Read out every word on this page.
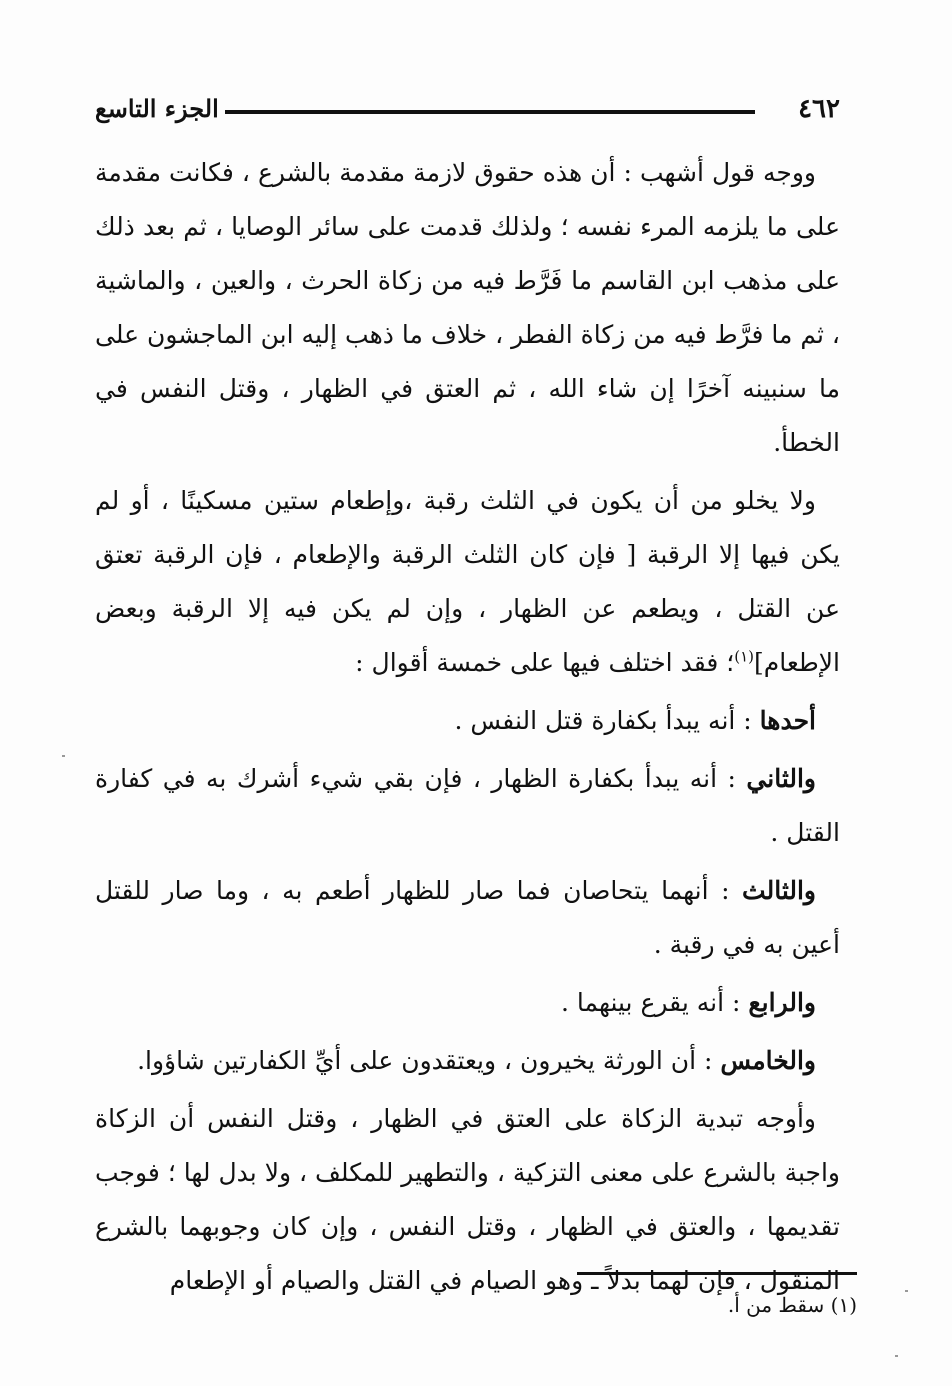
٤٦٢
الجزء التاسع

ووجه قول أشهب : أن هذه حقوق لازمة مقدمة بالشرع ، فكانت مقدمة على ما يلزمه المرء نفسه ؛ ولذلك قدمت على سائر الوصايا ، ثم بعد ذلك على مذهب ابن القاسم ما فَرَّط فيه من زكاة الحرث ، والعين ، والماشية ، ثم ما فرَّط فيه من زكاة الفطر ، خلاف ما ذهب إليه ابن الماجشون على ما سنبينه آخرًا إن شاء الله ، ثم العتق في الظهار ، وقتل النفس في الخطأ.

ولا يخلو من أن يكون في الثلث رقبة ،وإطعام ستين مسكينًا ، أو لم يكن فيها إلا الرقبة [ فإن كان الثلث الرقبة والإطعام ، فإن الرقبة تعتق عن القتل ، ويطعم عن الظهار ، وإن لم يكن فيه إلا الرقبة وبعض الإطعام]$^{(١)}$؛ فقد اختلف فيها على خمسة أقوال :

أحدها : أنه يبدأ بكفارة قتل النفس .

والثاني : أنه يبدأ بكفارة الظهار ، فإن بقي شيء أشرك به في كفارة القتل .

والثالث : أنهما يتحاصان فما صار للظهار أطعم به ، وما صار للقتل أعين به في رقبة .

والرابع : أنه يقرع بينهما .

والخامس : أن الورثة يخيرون ، ويعتقدون على أيِّ الكفارتين شاؤوا.

وأوجه تبدية الزكاة على العتق في الظهار ، وقتل النفس أن الزكاة واجبة بالشرع على معنى التزكية ، والتطهير للمكلف ، ولا بدل لها ؛ فوجب تقديمها ، والعتق في الظهار ، وقتل النفس ، وإن كان وجوبهما بالشرع المنقول ، فإن لهما بدلاً ـ وهو الصيام في القتل والصيام أو الإطعام

(١) سقط من أ.
